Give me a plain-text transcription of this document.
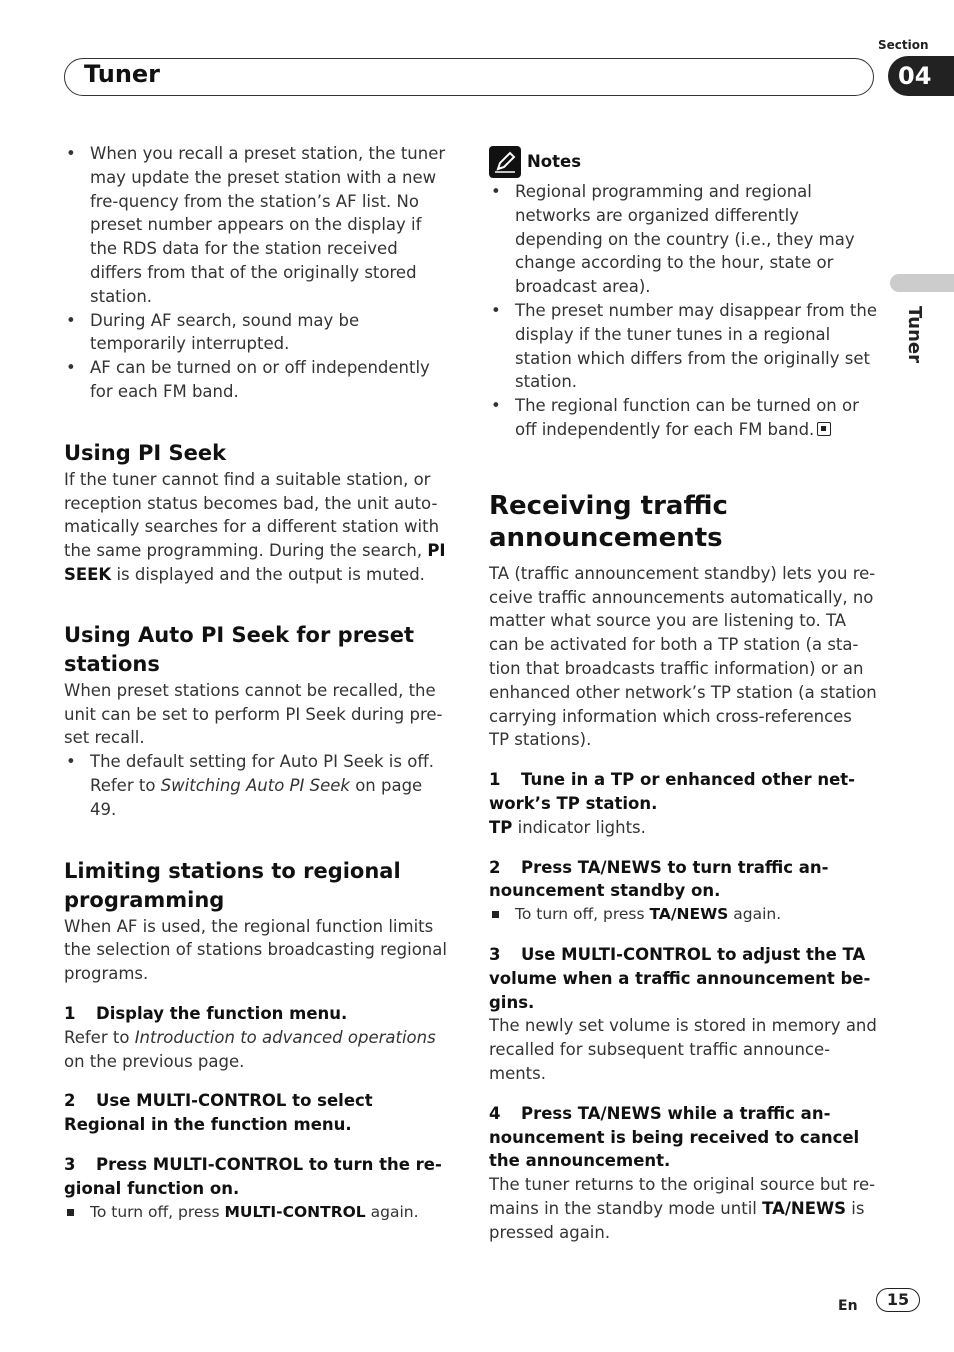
Section
Tuner	04
Tuner
• When you recall a preset station, the tuner may update the preset station with a new fre-quency from the station’s AF list. No preset number appears on the display if the RDS data for the station received differs from that of the originally stored station.
• During AF search, sound may be temporarily interrupted.
• AF can be turned on or off independently for each FM band.
Using PI Seek

If the tuner cannot find a suitable station, or reception status becomes bad, the unit auto-matically searches for a different station with the same programming. During the search, PI SEEK is displayed and the output is muted.

Using Auto PI Seek for preset stations

When preset stations cannot be recalled, the unit can be set to perform PI Seek during pre-set recall.

• The default setting for Auto PI Seek is off. Refer to Switching Auto PI Seek on page 49.
Limiting stations to regional programming

When AF is used, the regional function limits the selection of stations broadcasting regional programs.

1 Display the function menu.

Refer to Introduction to advanced operations on the previous page.

2 Use MULTI-CONTROL to select Regional in the function menu.

3 Press MULTI-CONTROL to turn the re-gional function on.

To turn off, press MULTI-CONTROL again.

Notes
• Regional programming and regional networks are organized differently depending on the country (i.e., they may change according to the hour, state or broadcast area).
• The preset number may disappear from the display if the tuner tunes in a regional station which differs from the originally set station.
• The regional function can be turned on or off independently for each FM band.
Receiving traffic announcements

TA (traffic announcement standby) lets you re-ceive traffic announcements automatically, no matter what source you are listening to. TA can be activated for both a TP station (a sta-tion that broadcasts traffic information) or an enhanced other network’s TP station (a station carrying information which cross-references TP stations).

1 Tune in a TP or enhanced other net-work’s TP station.

TP indicator lights.

2 Press TA/NEWS to turn traffic an-nouncement standby on.

To turn off, press TA/NEWS again.

3 Use MULTI-CONTROL to adjust the TA volume when a traffic announcement be-gins.

The newly set volume is stored in memory and recalled for subsequent traffic announce-ments.

4 Press TA/NEWS while a traffic an-nouncement is being received to cancel the announcement.

The tuner returns to the original source but re-mains in the standby mode until TA/NEWS is pressed again.

En	15
